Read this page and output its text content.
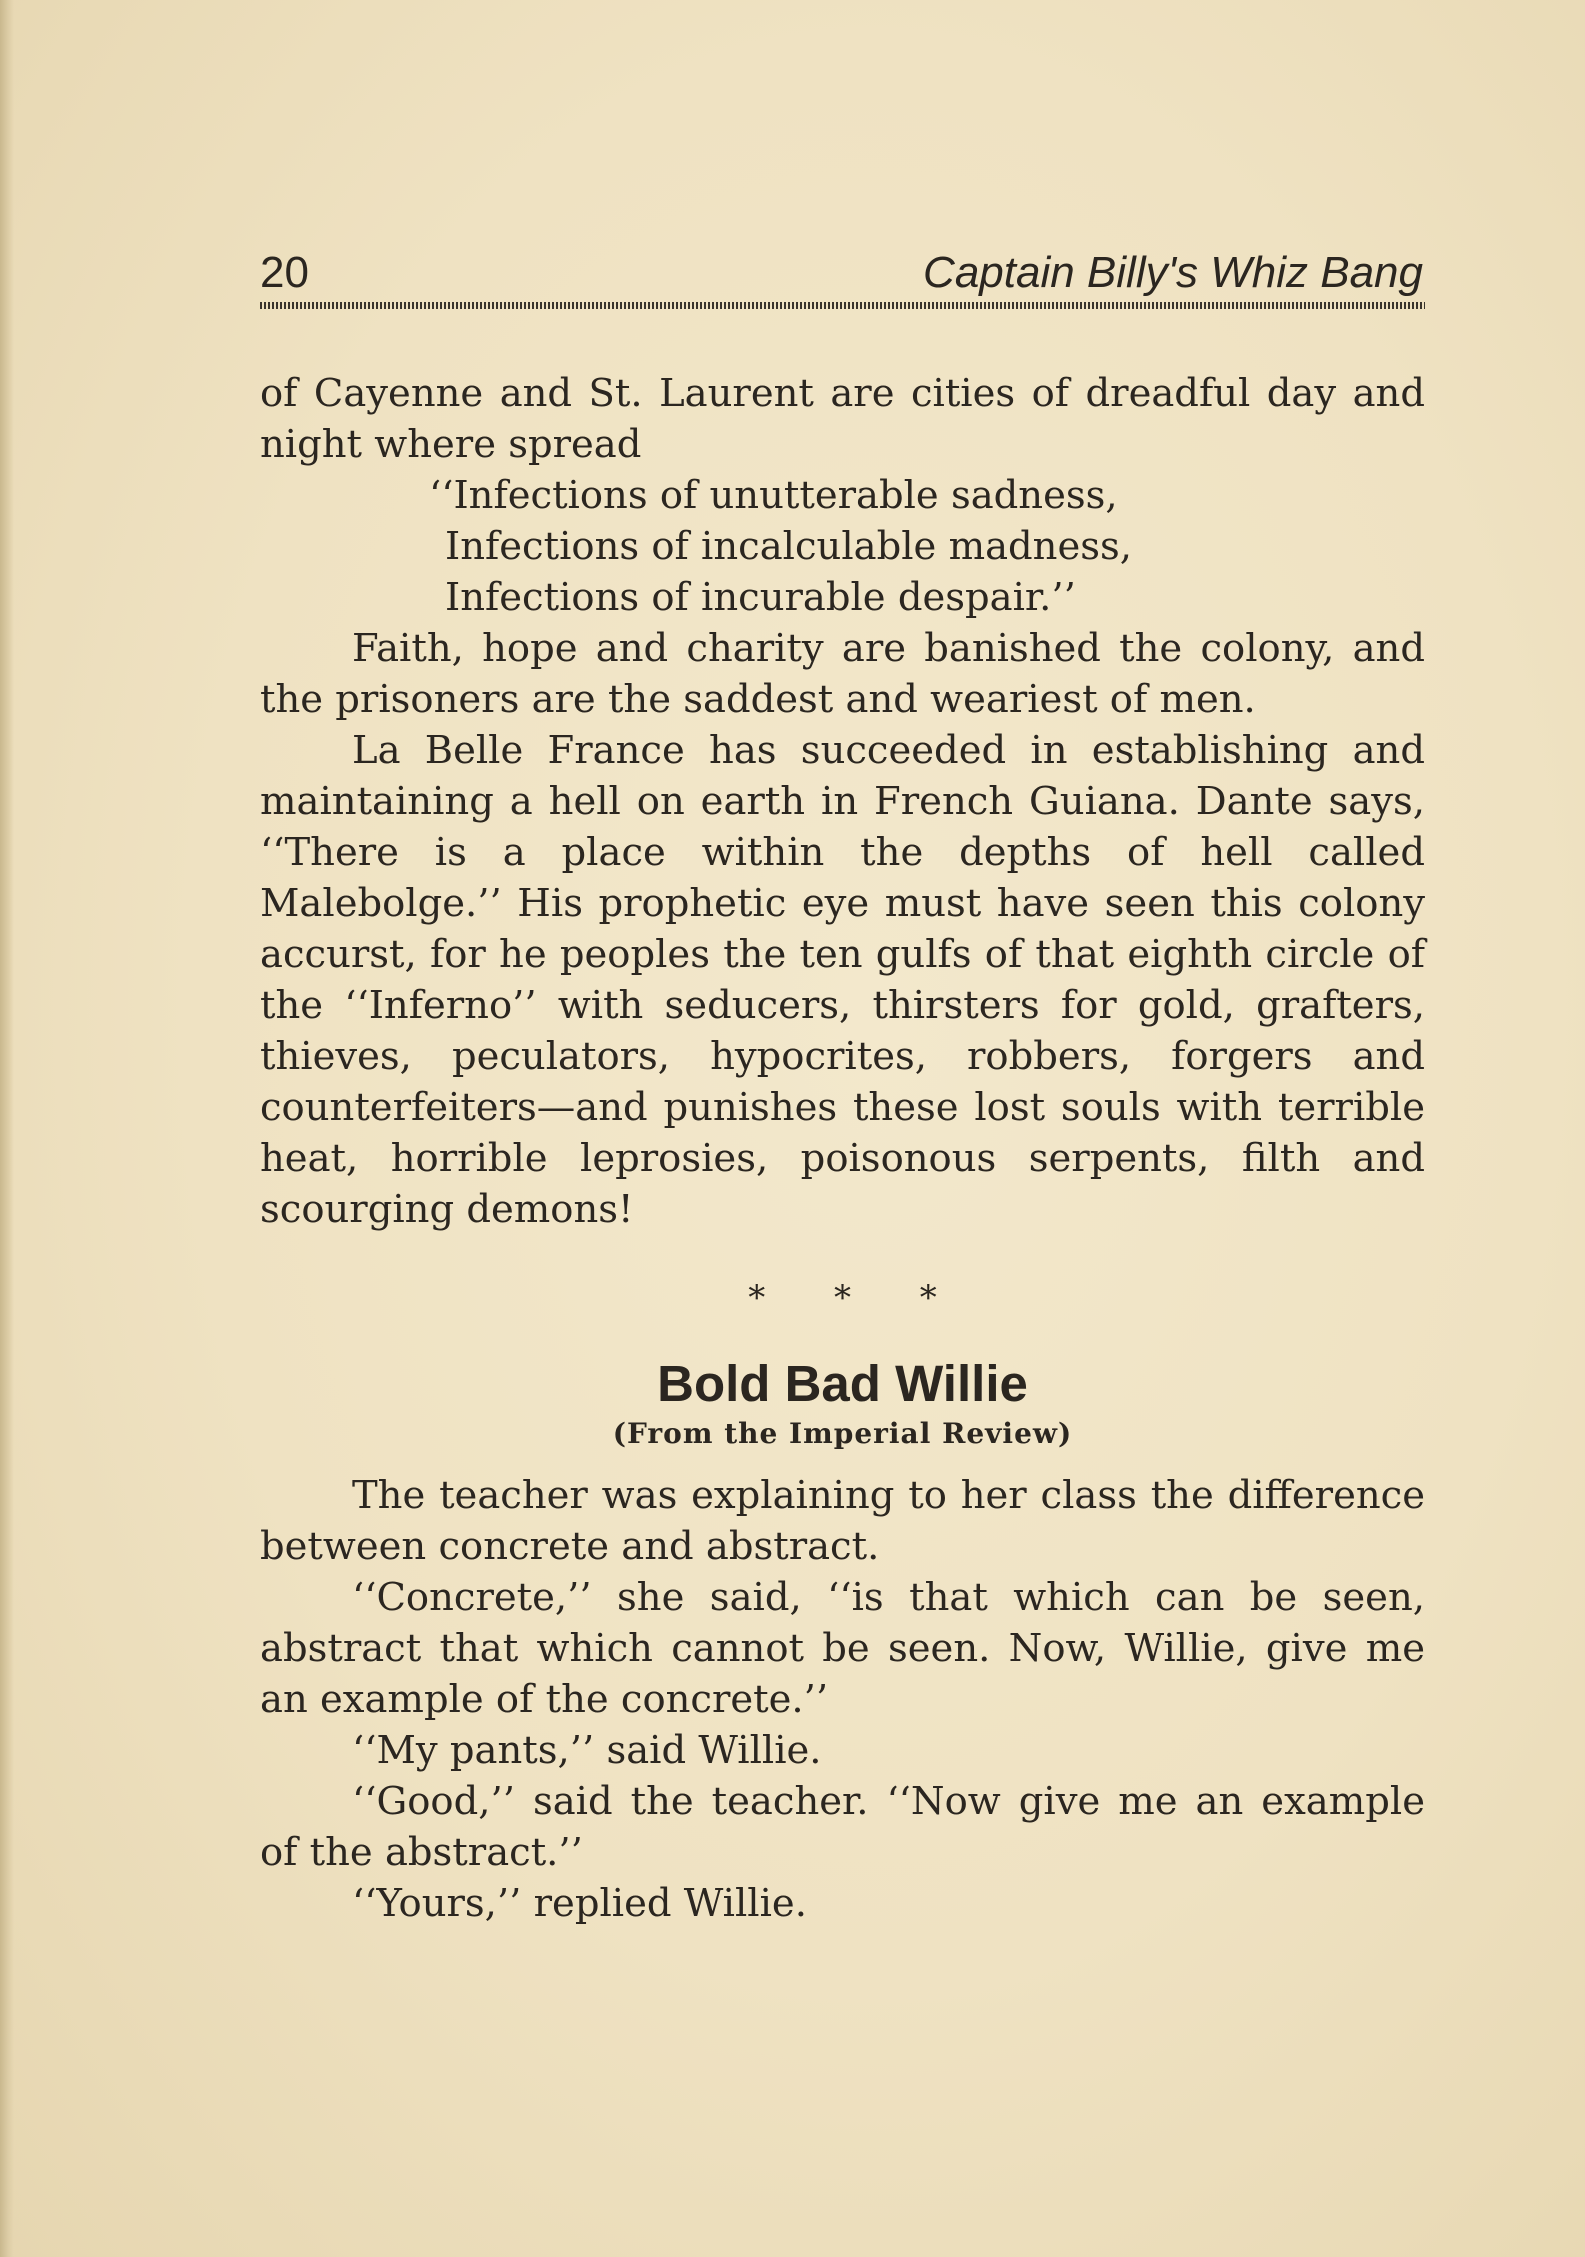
20	Captain Billy's Whiz Bang

of Cayenne and St. Laurent are cities of dreadful day and night where spread

‘‘Infections of unutterable sadness,
Infections of incalculable madness,
Infections of incurable despair.’’

Faith, hope and charity are banished the colony, and the prisoners are the saddest and weariest of men.

La Belle France has succeeded in establishing and maintaining a hell on earth in French Guiana. Dante says, ‘‘There is a place within the depths of hell called Malebolge.’’ His prophetic eye must have seen this colony accurst, for he peoples the ten gulfs of that eighth circle of the ‘‘Inferno’’ with seducers, thirsters for gold, grafters, thieves, peculators, hypocrites, robbers, forgers and counterfeiters—and punishes these lost souls with terrible heat, horrible leprosies, poisonous serpents, filth and scourging demons!

* * *
Bold Bad Willie
(From the Imperial Review)

The teacher was explaining to her class the difference between concrete and abstract.

‘‘Concrete,’’ she said, ‘‘is that which can be seen, abstract that which cannot be seen. Now, Willie, give me an example of the concrete.’’

‘‘My pants,’’ said Willie.

‘‘Good,’’ said the teacher. ‘‘Now give me an example of the abstract.’’

‘‘Yours,’’ replied Willie.
